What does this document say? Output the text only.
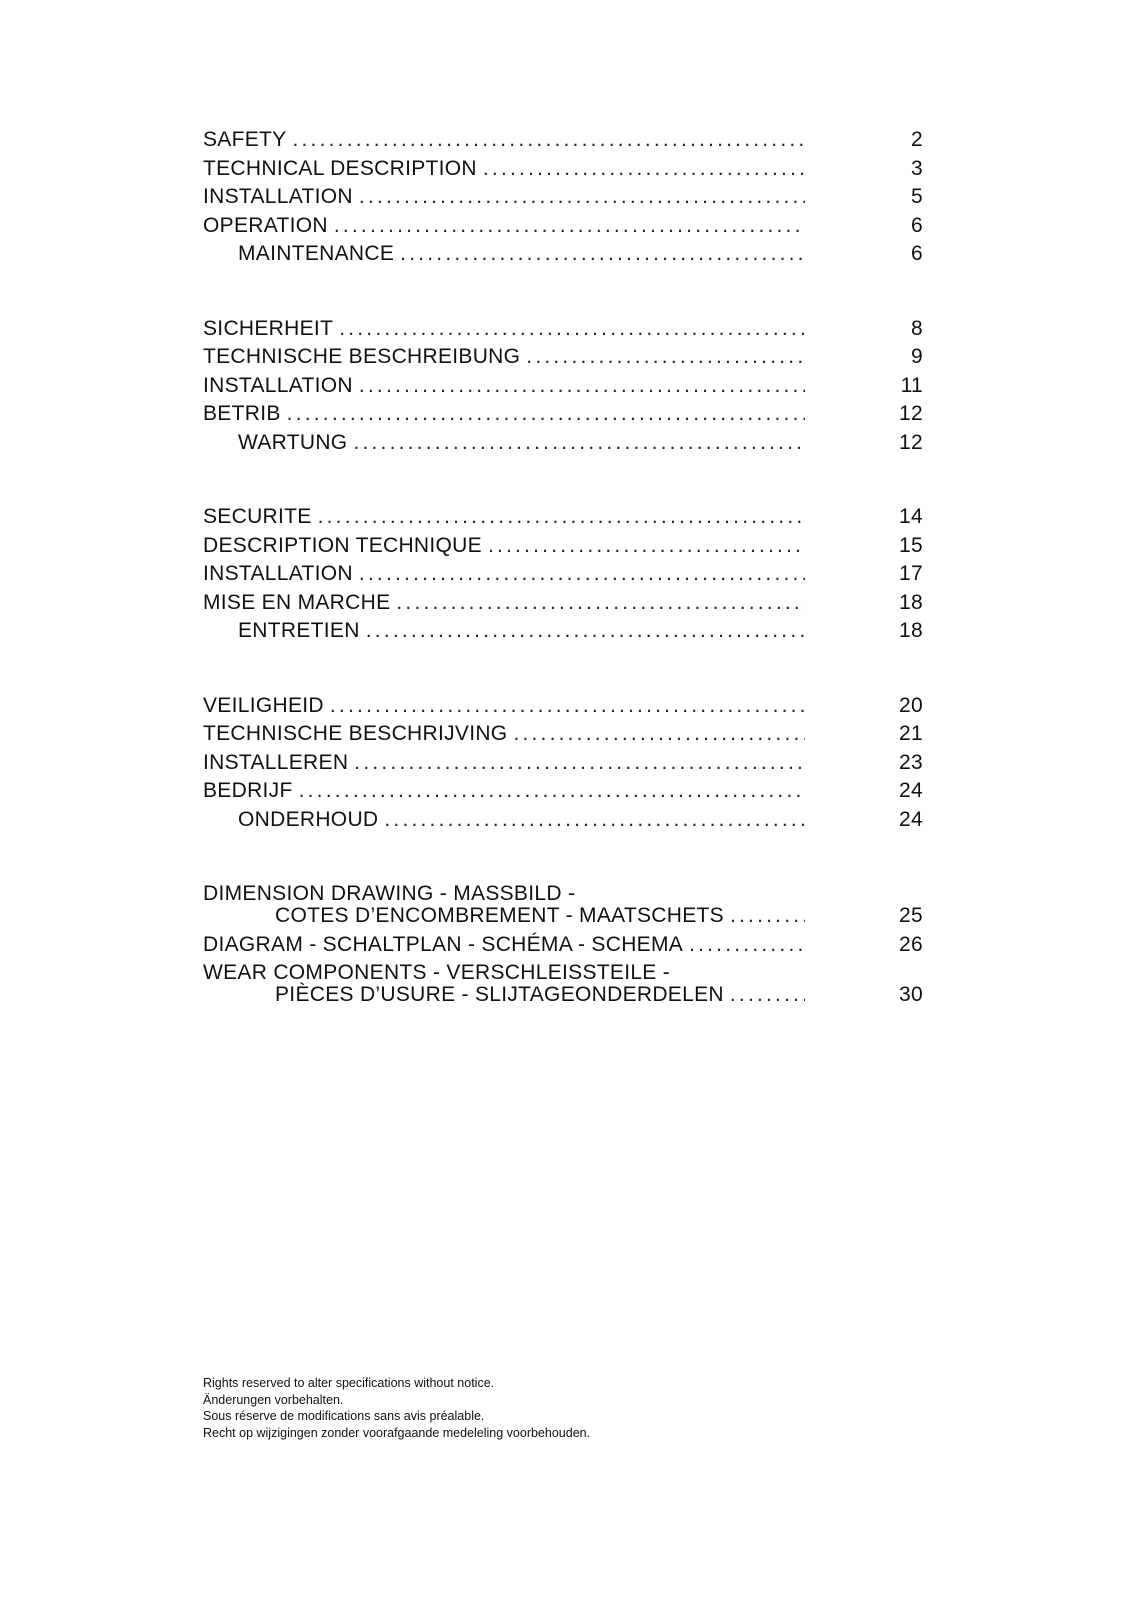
SAFETY .....	2
TECHNICAL DESCRIPTION .....	3
INSTALLATION .....	5
OPERATION .....	6
MAINTENANCE .....	6
SICHERHEIT .....	8
TECHNISCHE BESCHREIBUNG .....	9
INSTALLATION .....	11
BETRIB .....	12
WARTUNG .....	12
SECURITE .....	14
DESCRIPTION TECHNIQUE .....	15
INSTALLATION .....	17
MISE EN MARCHE .....	18
ENTRETIEN .....	18
VEILIGHEID .....	20
TECHNISCHE BESCHRIJVING .....	21
INSTALLEREN .....	23
BEDRIJF .....	24
ONDERHOUD .....	24
DIMENSION DRAWING - MASSBILD -
COTES D’ENCOMBREMENT - MAATSCHETS .....	25
DIAGRAM - SCHALTPLAN - SCHÉMA - SCHEMA .....	26
WEAR COMPONENTS - VERSCHLEISSTEILE -
PIÈCES D’USURE - SLIJTAGEONDERDELEN .....	30
Rights reserved to alter specifications without notice.
Änderungen vorbehalten.
Sous réserve de modifications sans avis préalable.
Recht op wijzigingen zonder voorafgaande medeleling voorbehouden.
